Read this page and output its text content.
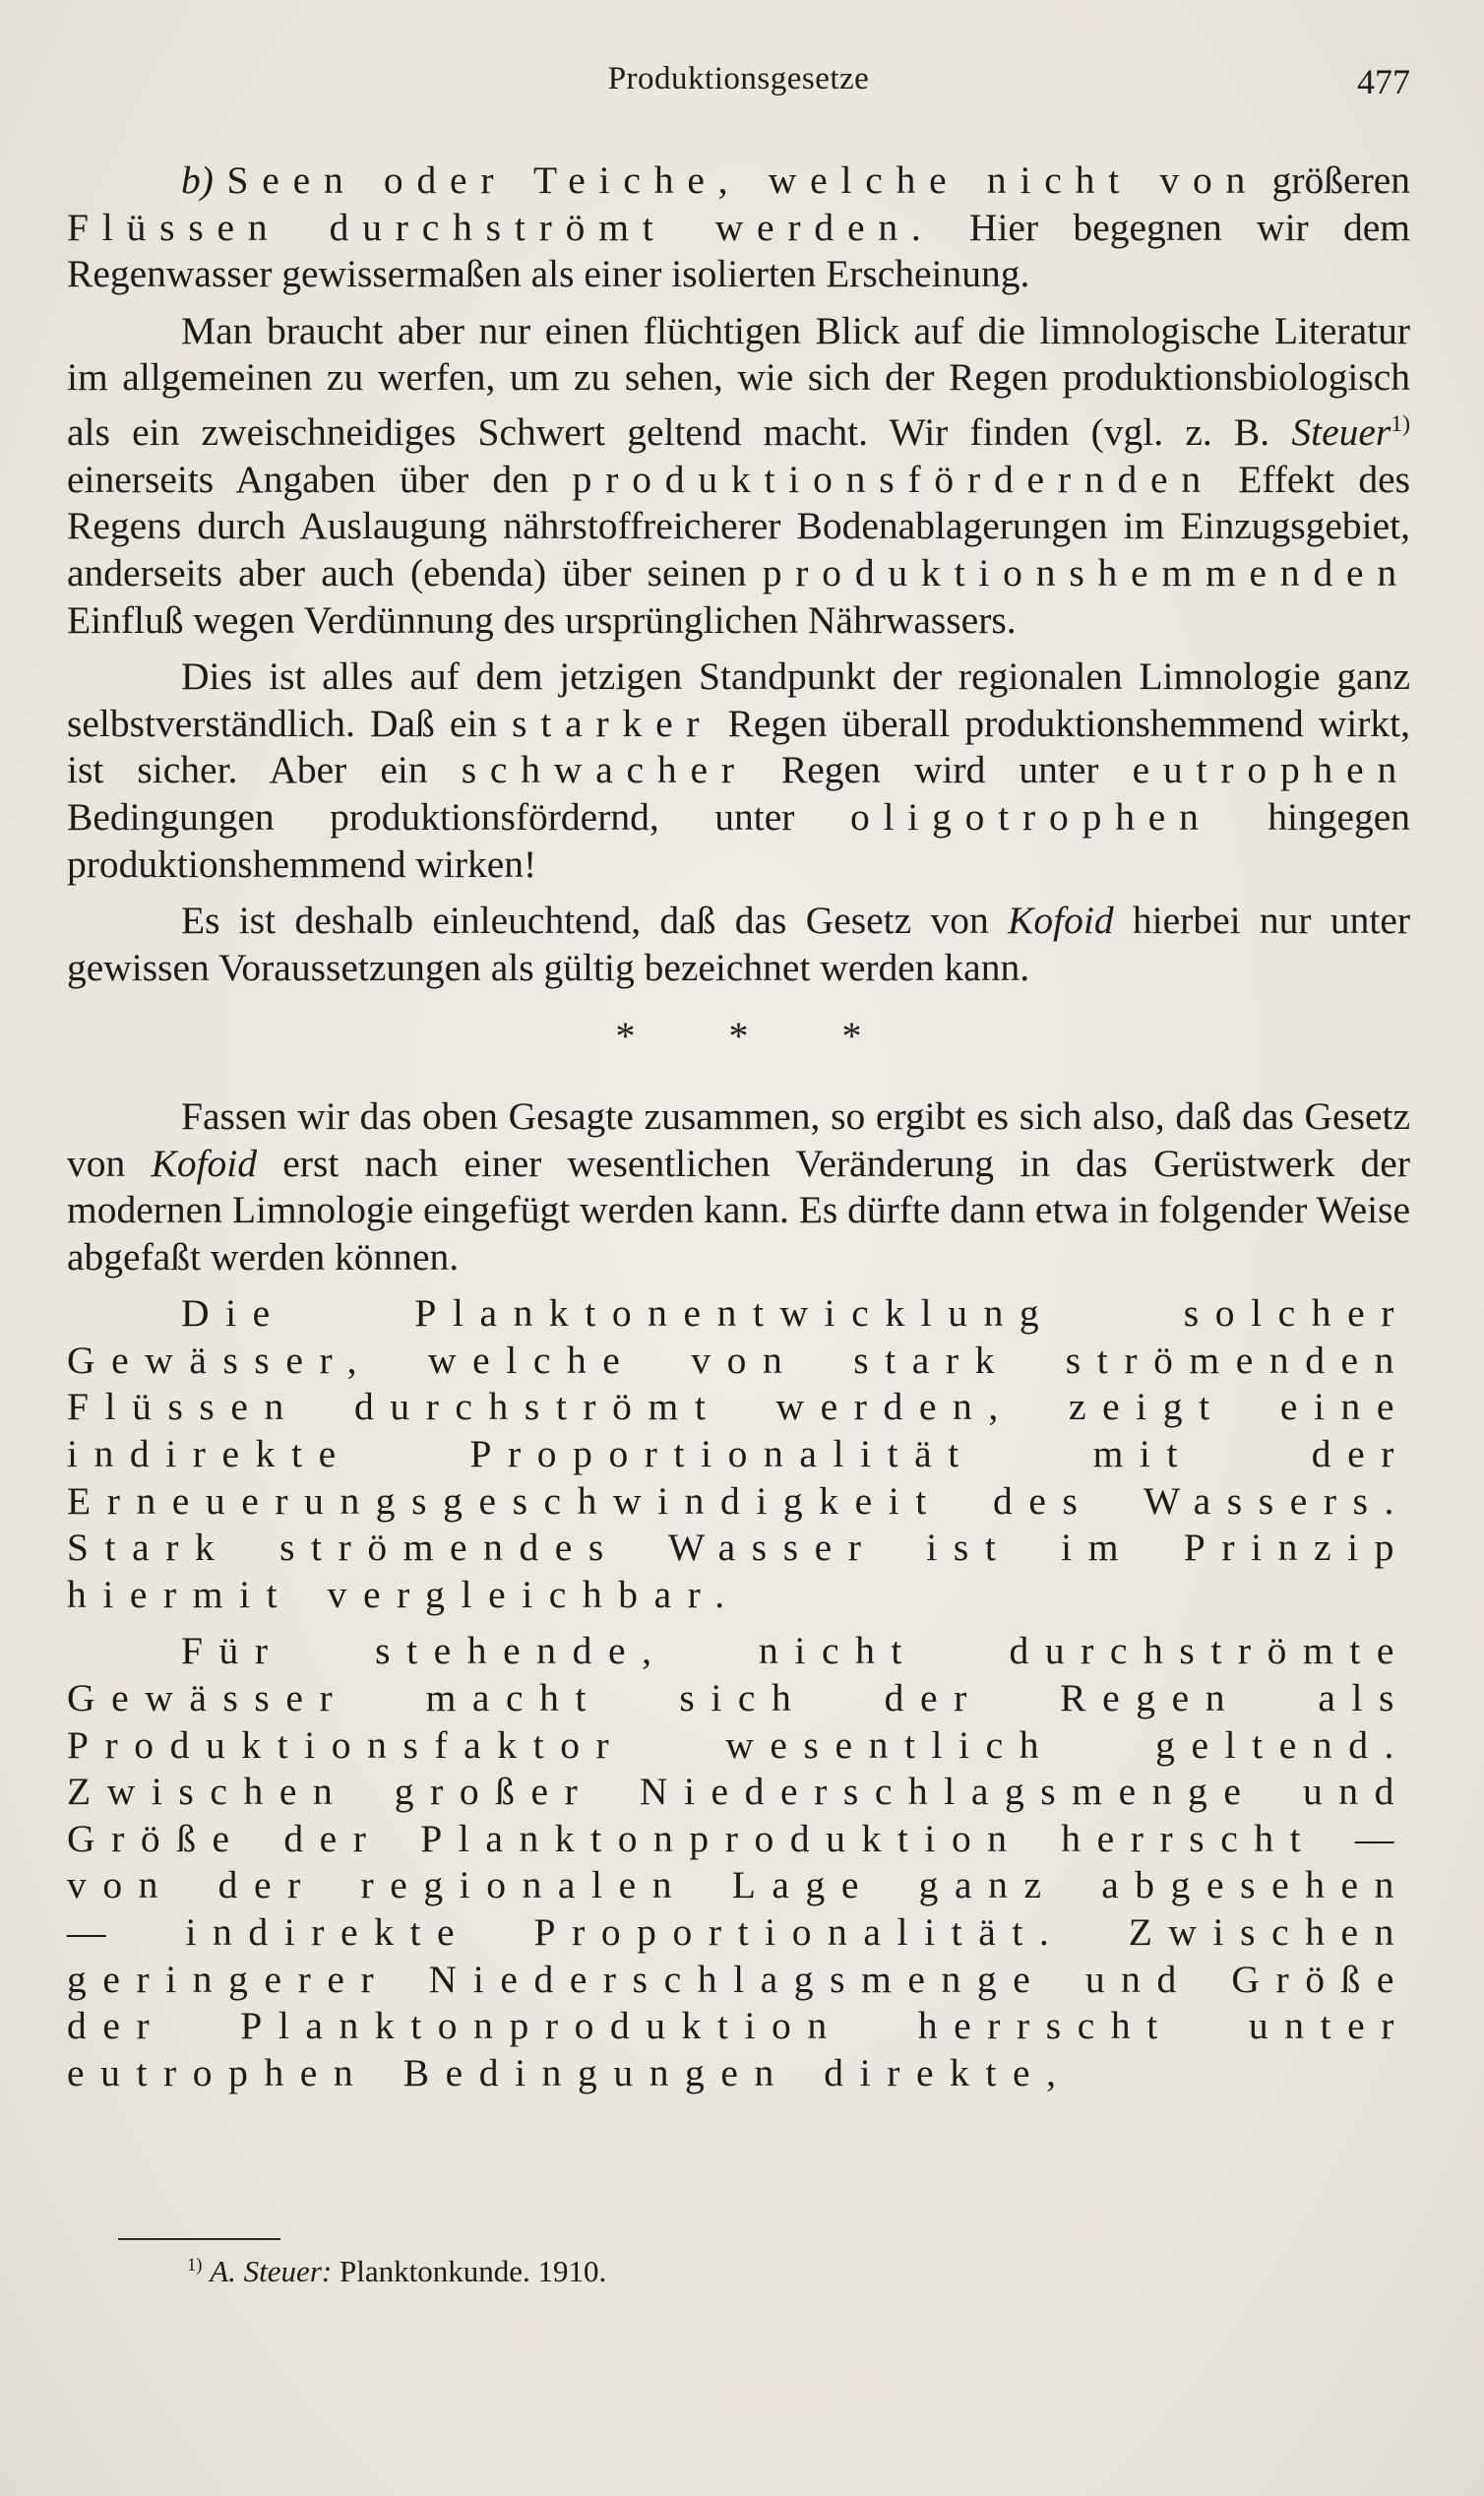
Produktionsgesetze	477

b) Seen oder Teiche, welche nicht von größeren Flüssen durchströmt werden. Hier begegnen wir dem Regenwasser gewissermaßen als einer isolierten Erscheinung.

Man braucht aber nur einen flüchtigen Blick auf die limnologische Literatur im allgemeinen zu werfen, um zu sehen, wie sich der Regen produktionsbiologisch als ein zweischneidiges Schwert geltend macht. Wir finden (vgl. z. B. Steuer$^{1)}$ einerseits Angaben über den produktionsfördernden Effekt des Regens durch Auslaugung nährstoffreicherer Bodenablagerungen im Einzugsgebiet, anderseits aber auch (ebenda) über seinen produktionshemmenden Einfluß wegen Verdünnung des ursprünglichen Nährwassers.

Dies ist alles auf dem jetzigen Standpunkt der regionalen Limnologie ganz selbstverständlich. Daß ein starker Regen überall produktionshemmend wirkt, ist sicher. Aber ein schwacher Regen wird unter eutrophen Bedingungen produktionsfördernd, unter oligotrophen hingegen produktionshemmend wirken!

Es ist deshalb einleuchtend, daß das Gesetz von Kofoid hierbei nur unter gewissen Voraussetzungen als gültig bezeichnet werden kann.

***

Fassen wir das oben Gesagte zusammen, so ergibt es sich also, daß das Gesetz von Kofoid erst nach einer wesentlichen Veränderung in das Gerüstwerk der modernen Limnologie eingefügt werden kann. Es dürfte dann etwa in folgender Weise abgefaßt werden können.

Die Planktonentwicklung solcher Gewässer, welche von stark strömenden Flüssen durchströmt werden, zeigt eine indirekte Proportionalität mit der Erneuerungsgeschwindigkeit des Wassers. Stark strömendes Wasser ist im Prinzip hiermit vergleichbar.

Für stehende, nicht durchströmte Gewässer macht sich der Regen als Produktionsfaktor wesentlich geltend. Zwischen großer Niederschlagsmenge und Größe der Planktonproduktion herrscht — von der regionalen Lage ganz abgesehen — indirekte Proportionalität. Zwischen geringerer Niederschlagsmenge und Größe der Planktonproduktion herrscht unter eutrophen Bedingungen direkte,

$^{1)}$ A. Steuer: Planktonkunde. 1910.
